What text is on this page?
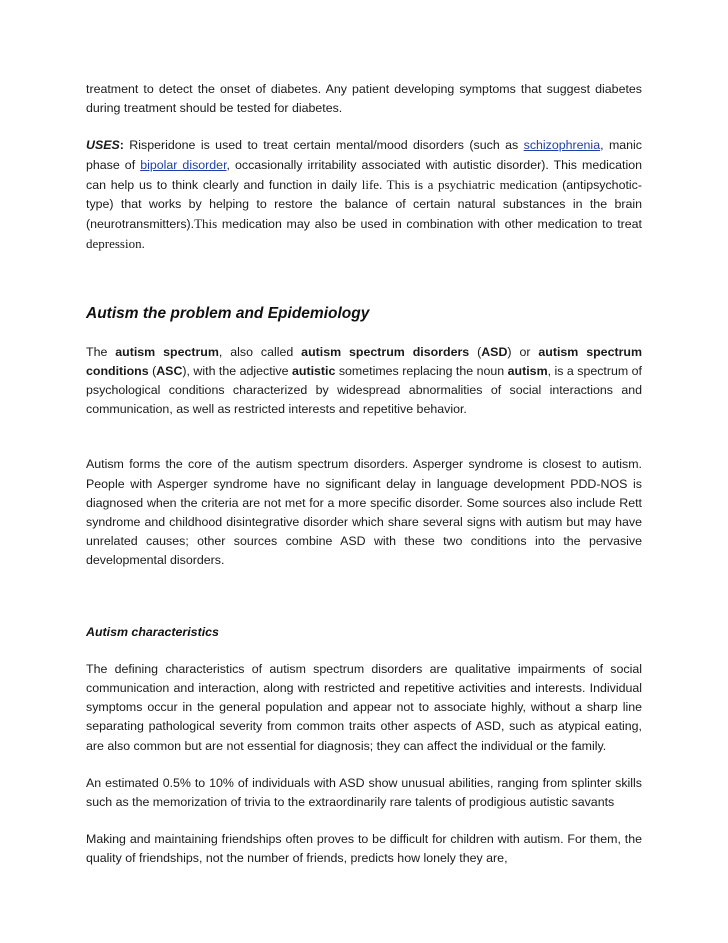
treatment to detect the onset of diabetes. Any patient developing symptoms that suggest diabetes during treatment should be tested for diabetes.

USES: Risperidone is used to treat certain mental/mood disorders (such as schizophrenia, manic phase of bipolar disorder, occasionally irritability associated with autistic disorder). This medication can help us to think clearly and function in daily life. This is a psychiatric medication (antipsychotic-type) that works by helping to restore the balance of certain natural substances in the brain (neurotransmitters).This medication may also be used in combination with other medication to treat depression.

Autism the problem and Epidemiology

The autism spectrum, also called autism spectrum disorders (ASD) or autism spectrum conditions (ASC), with the adjective autistic sometimes replacing the noun autism, is a spectrum of psychological conditions characterized by widespread abnormalities of social interactions and communication, as well as restricted interests and repetitive behavior.

Autism forms the core of the autism spectrum disorders. Asperger syndrome is closest to autism. People with Asperger syndrome have no significant delay in language development PDD-NOS is diagnosed when the criteria are not met for a more specific disorder. Some sources also include Rett syndrome and childhood disintegrative disorder which share several signs with autism but may have unrelated causes; other sources combine ASD with these two conditions into the pervasive developmental disorders.

Autism characteristics

The defining characteristics of autism spectrum disorders are qualitative impairments of social communication and interaction, along with restricted and repetitive activities and interests. Individual symptoms occur in the general population and appear not to associate highly, without a sharp line separating pathological severity from common traits other aspects of ASD, such as atypical eating, are also common but are not essential for diagnosis; they can affect the individual or the family.

An estimated 0.5% to 10% of individuals with ASD show unusual abilities, ranging from splinter skills such as the memorization of trivia to the extraordinarily rare talents of prodigious autistic savants

Making and maintaining friendships often proves to be difficult for children with autism. For them, the quality of friendships, not the number of friends, predicts how lonely they are,
